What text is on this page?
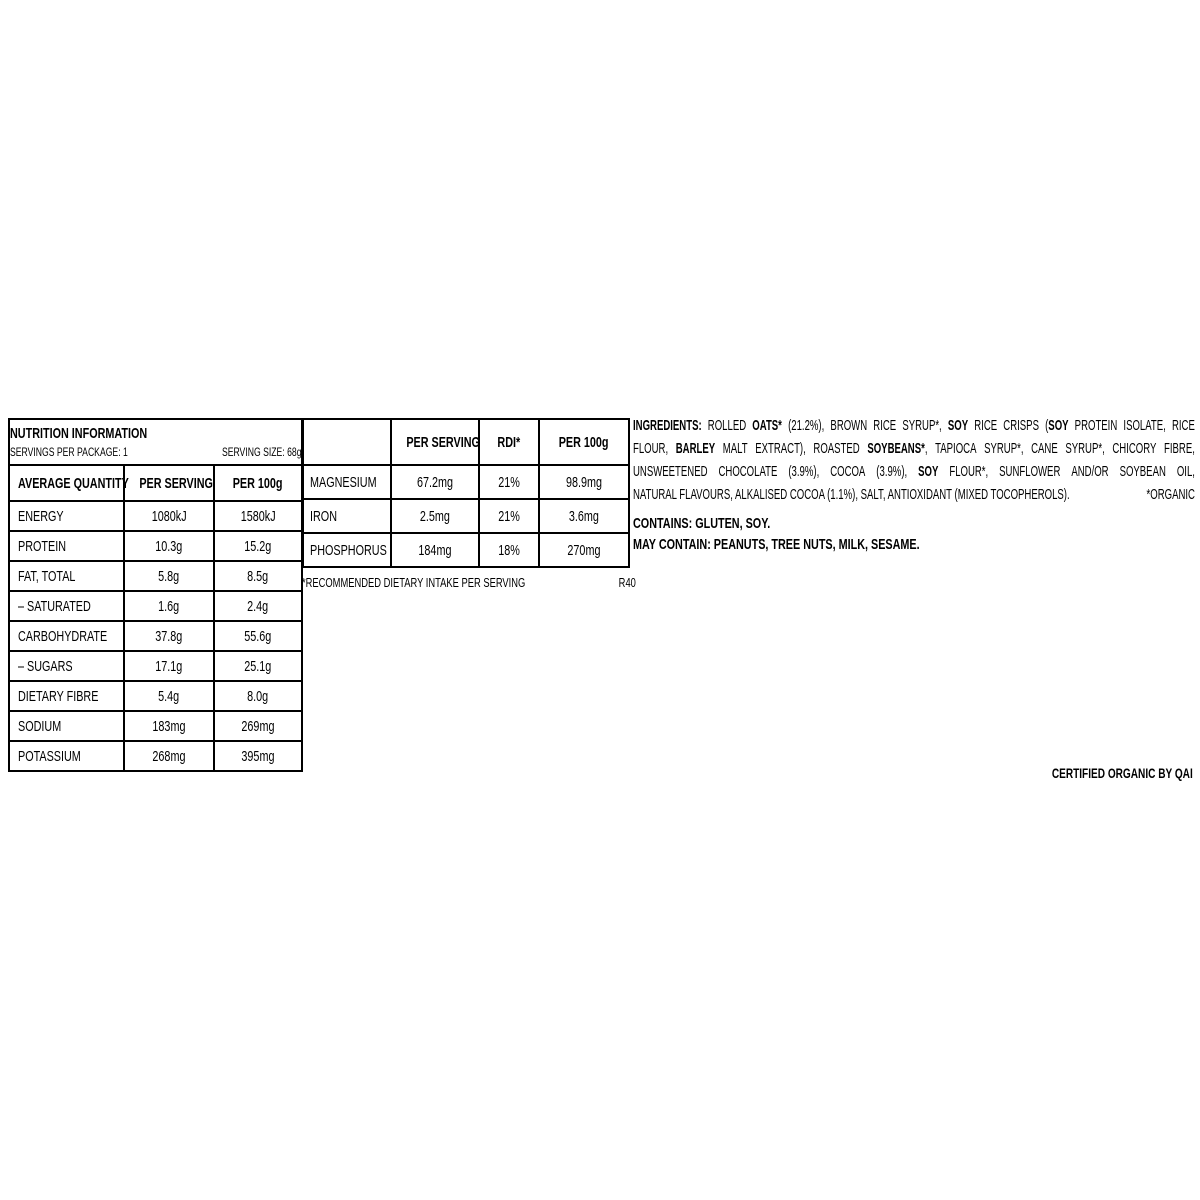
NUTRITION INFORMATION
SERVINGS PER PACKAGE: 1 SERVING SIZE: 68g		

AVERAGE QUANTITY	PER SERVING	PER 100g
ENERGY	1080kJ	1580kJ
PROTEIN	10.3g	15.2g
FAT, TOTAL	5.8g	8.5g
– SATURATED	1.6g	2.4g
CARBOHYDRATE	37.8g	55.6g
– SUGARS	17.1g	25.1g
DIETARY FIBRE	5.4g	8.0g
SODIUM	183mg	269mg
POTASSIUM	268mg	395mg
	PER SERVING	RDI*	PER 100g
MAGNESIUM	67.2mg	21%	98.9mg
IRON	2.5mg	21%	3.6mg
PHOSPHORUS	184mg	18%	270mg
*RECOMMENDED DIETARY INTAKE PER SERVING	R40
INGREDIENTS: ROLLED OATS* (21.2%), BROWN RICE SYRUP*, SOY RICE CRISPS (SOY PROTEIN ISOLATE, RICE
FLOUR, BARLEY MALT EXTRACT), ROASTED SOYBEANS*, TAPIOCA SYRUP*, CANE SYRUP*, CHICORY FIBRE,
UNSWEETENED CHOCOLATE (3.9%), COCOA (3.9%), SOY FLOUR*, SUNFLOWER AND/OR SOYBEAN OIL,
NATURAL FLAVOURS, ALKALISED COCOA (1.1%), SALT, ANTIOXIDANT (MIXED TOCOPHEROLS).	*ORGANIC
CONTAINS: GLUTEN, SOY.
MAY CONTAIN: PEANUTS, TREE NUTS, MILK, SESAME.
CERTIFIED ORGANIC BY QAI
